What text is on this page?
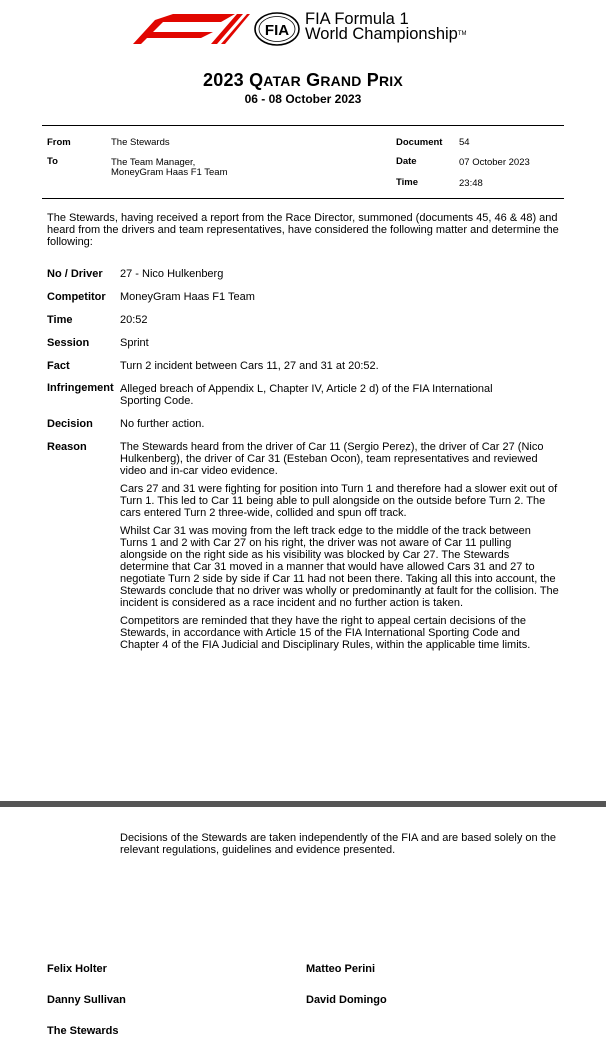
FIA
FIA Formula 1
World ChampionshipTM
2023 QATAR GRAND PRIX
06 - 08 October 2023
From	The Stewards
To	The Team Manager,
MoneyGram Haas F1 Team
Document 54
Date	07 October 2023
Time	23:48
The Stewards, having received a report from the Race Director, summoned (documents 45, 46 & 48) and heard from the drivers and team representatives, have considered the following matter and determine the following:
No / Driver 27 - Nico Hulkenberg
Competitor MoneyGram Haas F1 Team
Time	20:52
Session	Sprint
Fact	Turn 2 incident between Cars 11, 27 and 31 at 20:52.
Infringement Alleged breach of Appendix L, Chapter IV, Article 2 d) of the FIA International Sporting Code.
Decision No further action.
Reason	The Stewards heard from the driver of Car 11 (Sergio Perez), the driver of Car 27 (Nico Hulkenberg), the driver of Car 31 (Esteban Ocon), team representatives and reviewed video and in-car video evidence.

Cars 27 and 31 were fighting for position into Turn 1 and therefore had a slower exit out of Turn 1. This led to Car 11 being able to pull alongside on the outside before Turn 2. The cars entered Turn 2 three-wide, collided and spun off track.

Whilst Car 31 was moving from the left track edge to the middle of the track between Turns 1 and 2 with Car 27 on his right, the driver was not aware of Car 11 pulling alongside on the right side as his visibility was blocked by Car 27. The Stewards determine that Car 31 moved in a manner that would have allowed Cars 31 and 27 to negotiate Turn 2 side by side if Car 11 had not been there. Taking all this into account, the Stewards conclude that no driver was wholly or predominantly at fault for the collision. The incident is considered as a race incident and no further action is taken.

Competitors are reminded that they have the right to appeal certain decisions of the Stewards, in accordance with Article 15 of the FIA International Sporting Code and Chapter 4 of the FIA Judicial and Disciplinary Rules, within the applicable time limits.

Decisions of the Stewards are taken independently of the FIA and are based solely on the relevant regulations, guidelines and evidence presented.
Felix Holter	Matteo Perini
Danny Sullivan	David Domingo
The Stewards
